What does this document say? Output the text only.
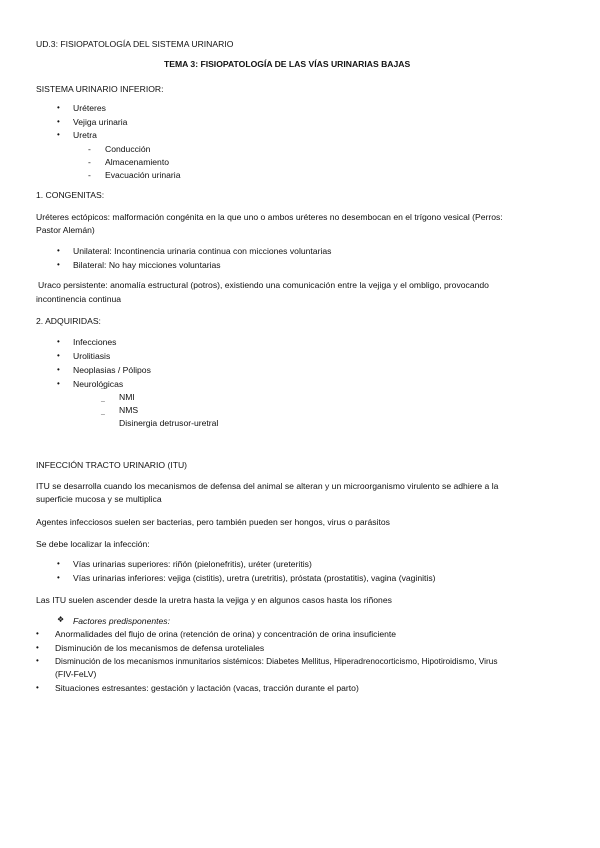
UD.3: FISIOPATOLOGÍA DEL SISTEMA URINARIO
TEMA 3: FISIOPATOLOGÍA DE LAS VÍAS URINARIAS BAJAS
SISTEMA URINARIO INFERIOR:
• Uréteres
• Vejiga urinaria
• Uretra
- Conducción
- Almacenamiento
- Evacuación urinaria
1. CONGENITAS:
Uréteres ectópicos: malformación congénita en la que uno o ambos uréteres no desembocan en el trígono vesical (Perros:
Pastor Alemán)
• Unilateral: Incontinencia urinaria continua con micciones voluntarias
• Bilateral: No hay micciones voluntarias
Uraco persistente: anomalía estructural (potros), existiendo una comunicación entre la vejiga y el ombligo, provocando
incontinencia continua
2. ADQUIRIDAS:
• Infecciones
• Urolitiasis
• Neoplasias / Pólipos
• Neurológicas
¯ NMI
¯ NMS
¯ Disinergia detrusor-uretral
INFECCIÓN TRACTO URINARIO (ITU)
ITU se desarrolla cuando los mecanismos de defensa del animal se alteran y un microorganismo virulento se adhiere a la
superficie mucosa y se multiplica
Agentes infecciosos suelen ser bacterias, pero también pueden ser hongos, virus o parásitos
Se debe localizar la infección:
• Vías urinarias superiores: riñón (pielonefritis), uréter (ureteritis)
• Vías urinarias inferiores: vejiga (cistitis), uretra (uretritis), próstata (prostatitis), vagina (vaginitis)
Las ITU suelen ascender desde la uretra hasta la vejiga y en algunos casos hasta los riñones
❖ Factores predisponentes:
• Anormalidades del flujo de orina (retención de orina) y concentración de orina insuficiente
• Disminución de los mecanismos de defensa uroteliales
• Disminución de los mecanismos inmunitarios sistémicos: Diabetes Mellitus, Hiperadrenocorticismo, Hipotiroidismo, Virus
(FIV-FeLV)
• Situaciones estresantes: gestación y lactación (vacas, tracción durante el parto)
